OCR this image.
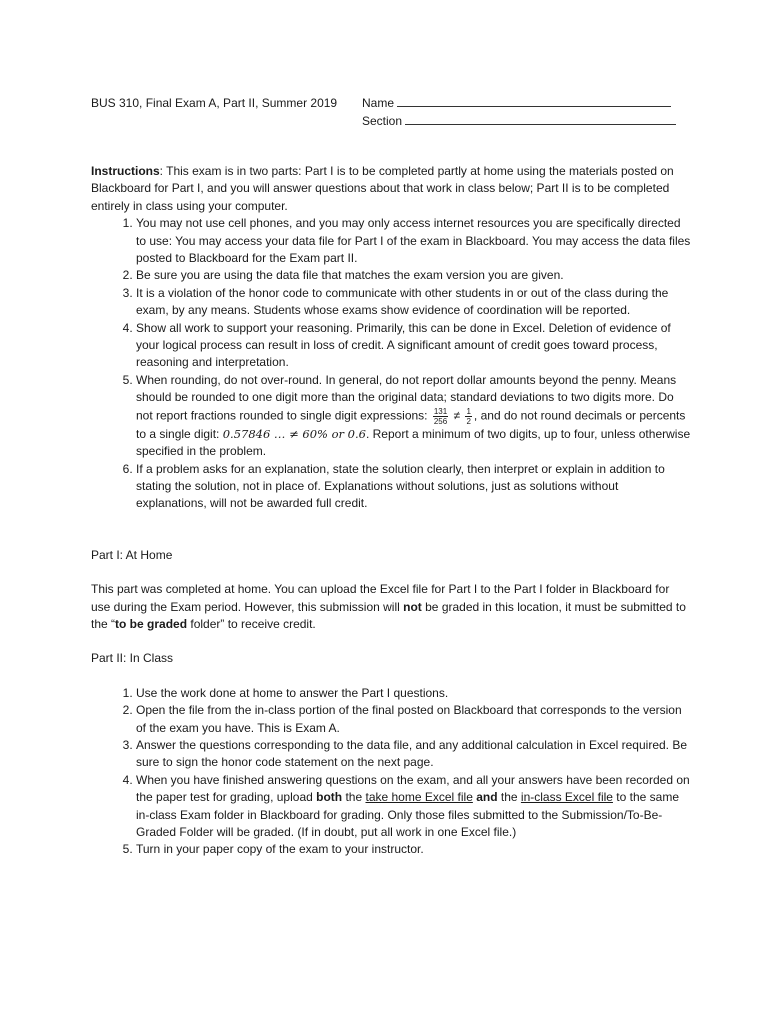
BUS 310, Final Exam A, Part II, Summer 2019 Name
Section

Instructions: This exam is in two parts: Part I is to be completed partly at home using the materials posted on Blackboard for Part I, and you will answer questions about that work in class below; Part II is to be completed entirely in class using your computer.

1. You may not use cell phones, and you may only access internet resources you are specifically directed to use: You may access your data file for Part I of the exam in Blackboard. You may access the data files posted to Blackboard for the Exam part II.
2. Be sure you are using the data file that matches the exam version you are given.
3. It is a violation of the honor code to communicate with other students in or out of the class during the exam, by any means. Students whose exams show evidence of coordination will be reported.
4. Show all work to support your reasoning. Primarily, this can be done in Excel. Deletion of evidence of your logical process can result in loss of credit. A significant amount of credit goes toward process, reasoning and interpretation.
5. When rounding, do not over-round. In general, do not report dollar amounts beyond the penny. Means should be rounded to one digit more than the original data; standard deviations to two digits more. Do not report fractions rounded to single digit expressions: $\frac{131}{256} \ne \frac{1}{2}$ , and do not round decimals or percents to a single digit: 0.57846 … ≠ 60% or 0.6. Report a minimum of two digits, up to four, unless otherwise specified in the problem.
6. If a problem asks for an explanation, state the solution clearly, then interpret or explain in addition to stating the solution, not in place of. Explanations without solutions, just as solutions without explanations, will not be awarded full credit.

Part I: At Home

This part was completed at home. You can upload the Excel file for Part I to the Part I folder in Blackboard for use during the Exam period. However, this submission will not be graded in this location, it must be submitted to the “to be graded folder” to receive credit.

Part II: In Class

1. Use the work done at home to answer the Part I questions.
2. Open the file from the in-class portion of the final posted on Blackboard that corresponds to the version of the exam you have. This is Exam A.
3. Answer the questions corresponding to the data file, and any additional calculation in Excel required. Be sure to sign the honor code statement on the next page.
4. When you have finished answering questions on the exam, and all your answers have been recorded on the paper test for grading, upload both the take home Excel file and the in-class Excel file to the same in-class Exam folder in Blackboard for grading. Only those files submitted to the Submission/To-Be-Graded Folder will be graded. (If in doubt, put all work in one Excel file.)
5. Turn in your paper copy of the exam to your instructor.
